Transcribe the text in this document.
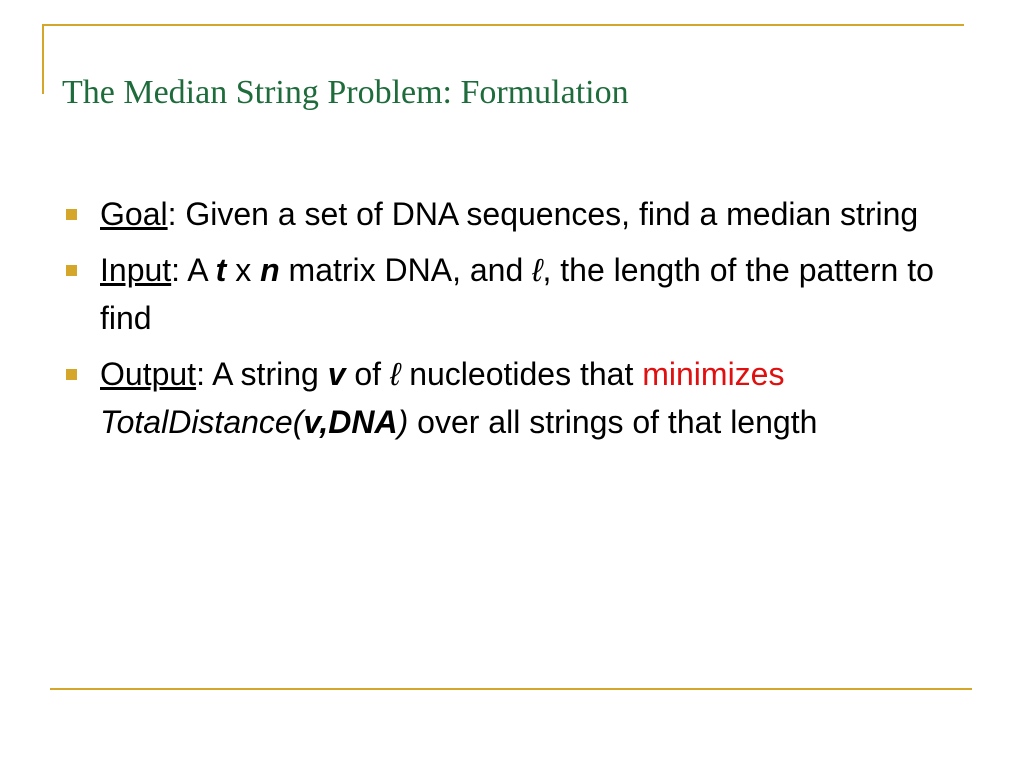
The Median String Problem: Formulation
Goal: Given a set of DNA sequences, find a median string
Input: A t x n matrix DNA, and ℓ, the length of the pattern to find
Output: A string v of ℓ nucleotides that minimizes TotalDistance(v,DNA) over all strings of that length
